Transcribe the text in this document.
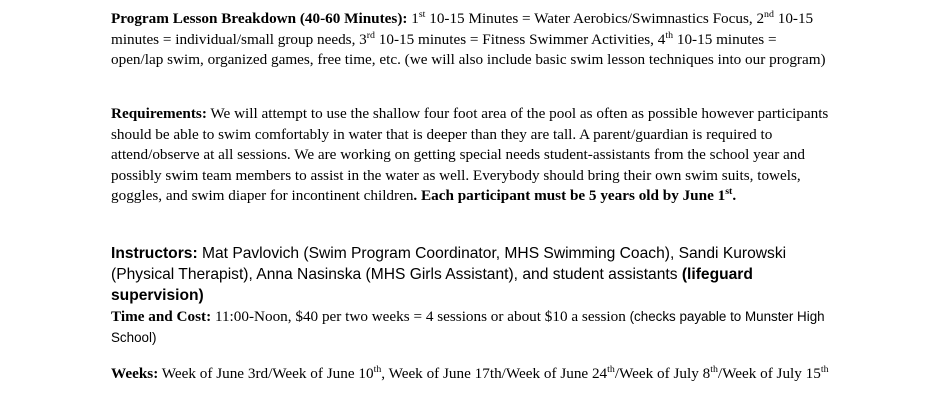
Program Lesson Breakdown (40-60 Minutes): 1st 10-15 Minutes = Water Aerobics/Swimnastics Focus, 2nd 10-15 minutes = individual/small group needs, 3rd 10-15 minutes = Fitness Swimmer Activities, 4th 10-15 minutes = open/lap swim, organized games, free time, etc. (we will also include basic swim lesson techniques into our program)

Requirements: We will attempt to use the shallow four foot area of the pool as often as possible however participants should be able to swim comfortably in water that is deeper than they are tall. A parent/guardian is required to attend/observe at all sessions. We are working on getting special needs student-assistants from the school year and possibly swim team members to assist in the water as well. Everybody should bring their own swim suits, towels, goggles, and swim diaper for incontinent children. Each participant must be 5 years old by June 1st.

Instructors: Mat Pavlovich (Swim Program Coordinator, MHS Swimming Coach), Sandi Kurowski (Physical Therapist), Anna Nasinska (MHS Girls Assistant), and student assistants (lifeguard supervision)

Time and Cost: 11:00-Noon, $40 per two weeks = 4 sessions or about $10 a session (checks payable to Munster High School)

Weeks: Week of June 3rd/Week of June 10th, Week of June 17th/Week of June 24th/Week of July 8th/Week of July 15th
